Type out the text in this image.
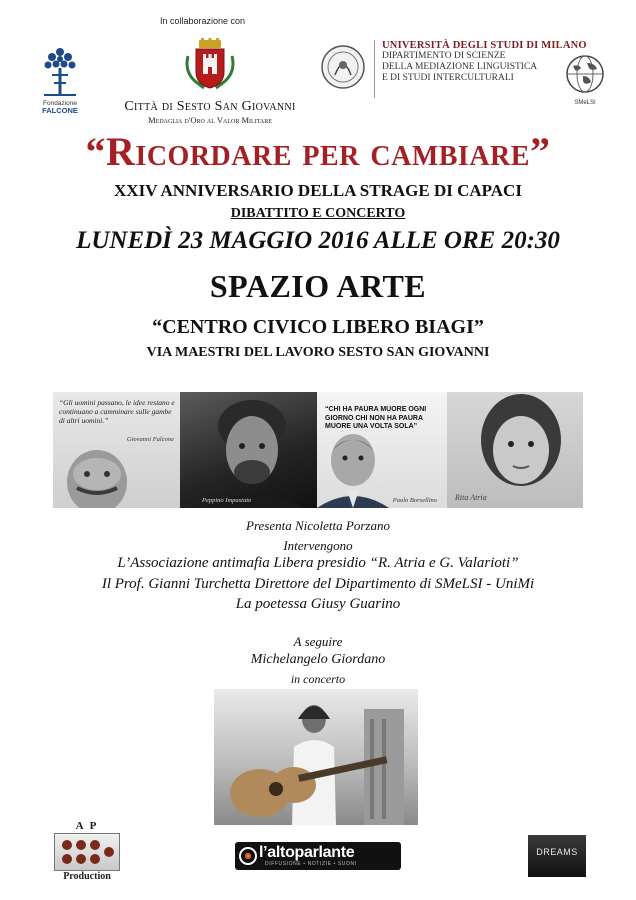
In collaborazione con
Fondazione
FALCONE	Città di Sesto San Giovanni
Medaglia d'Oro al Valor Militare
UNIVERSITÀ DEGLI STUDI DI MILANO
DIPARTIMENTO DI SCIENZE
DELLA MEDIAZIONE LINGUISTICA
E DI STUDI INTERCULTURALI
SMeLSI
“Ricordare per cambiare”
XXIV ANNIVERSARIO DELLA STRAGE DI CAPACI
DIBATTITO E CONCERTO
LUNEDÌ 23 MAGGIO 2016 ALLE ORE 20:30
SPAZIO ARTE
“CENTRO CIVICO LIBERO BIAGI”
VIA MAESTRI DEL LAVORO SESTO SAN GIOVANNI
“Gli uomini passano, le idee restano e continuano a camminare sulle gambe di altri uomini.”
Giovanni Falcone
Peppino Impastato
“CHI HA PAURA MUORE OGNI GIORNO CHI NON HA PAURA MUORE UNA VOLTA SOLA”
Paolo Borsellino Rita Atria
Presenta Nicoletta Porzano
Intervengono
L’Associazione antimafia Libera presidio “R. Atria e G. Valarioti”
Il Prof. Gianni Turchetta Direttore del Dipartimento di SMeLSI - UniMi
La poetessa Giusy Guarino
A seguire
Michelangelo Giordano
in concerto
A P
Production
l’altoparlante
DIFFUSIONE • NOTIZIE • SUONI
DREAMS
